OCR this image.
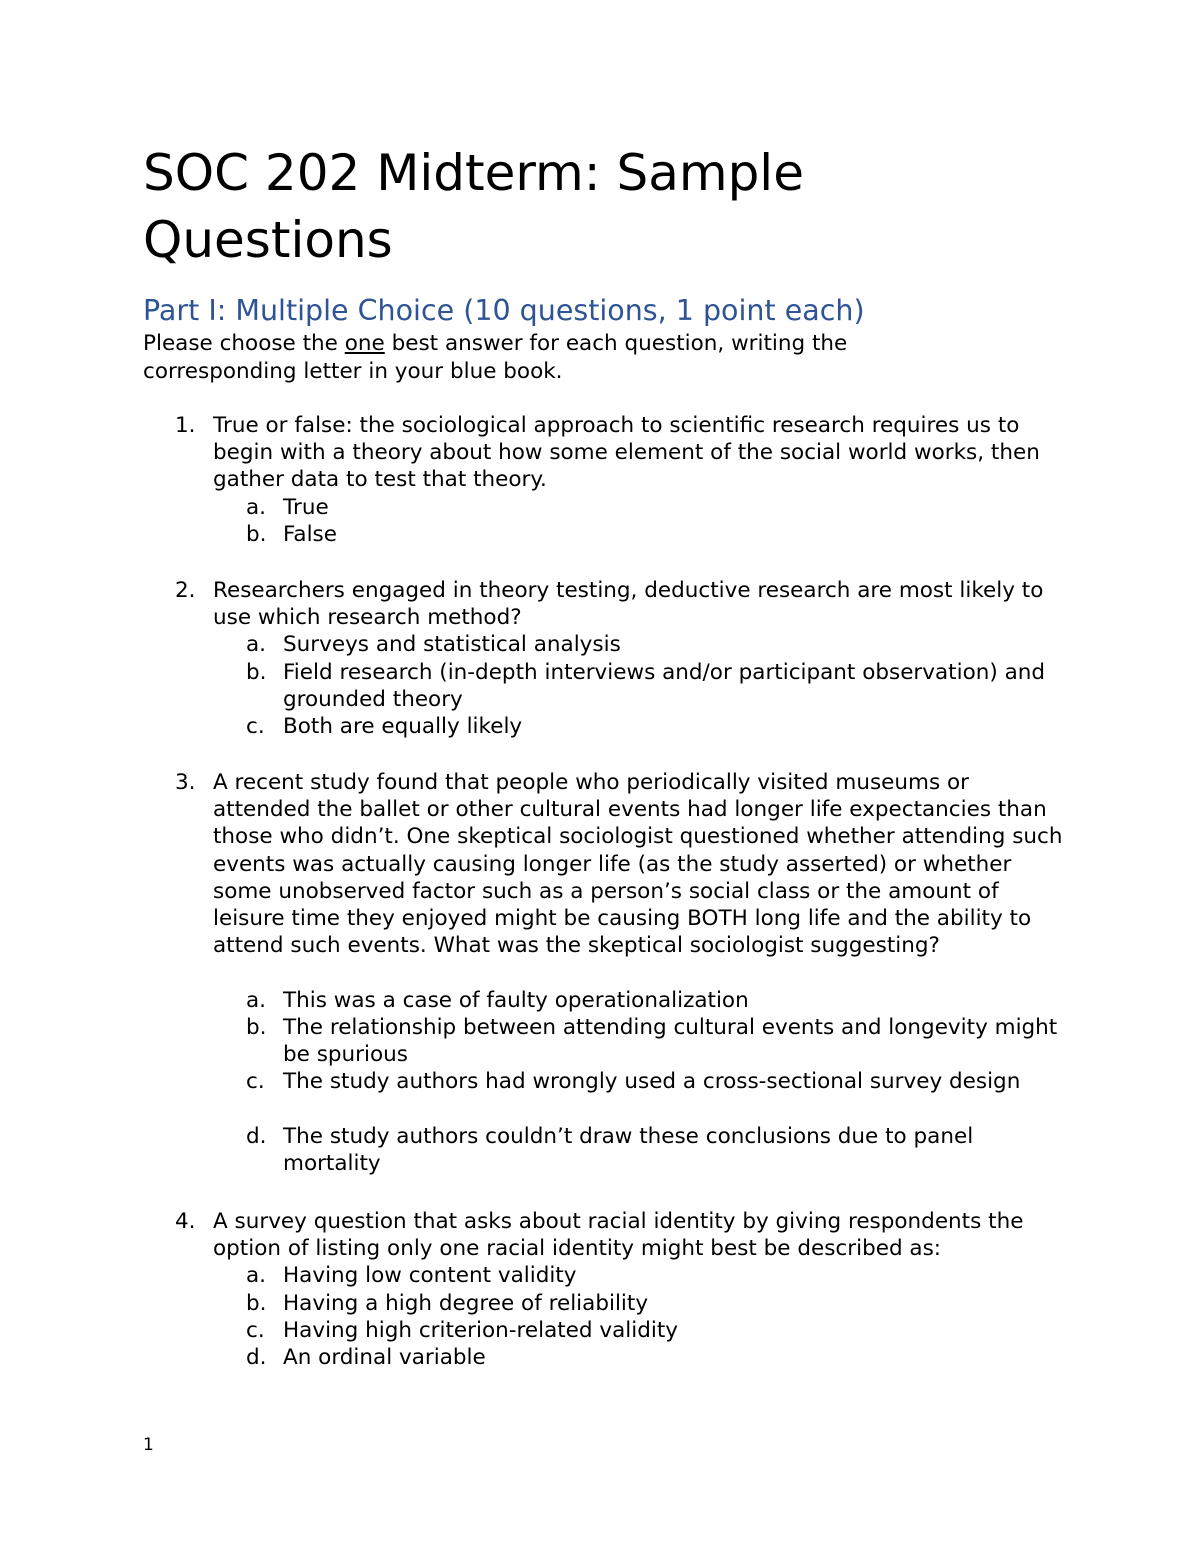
SOC 202 Midterm: Sample Questions
Part I: Multiple Choice (10 questions, 1 point each)

Please choose the one best answer for each question, writing the corresponding letter in your blue book.

1. True or false: the sociological approach to scientific research requires us to begin with a theory about how some element of the social world works, then gather data to test that theory.

a. True

b. False

2. Researchers engaged in theory testing, deductive research are most likely to use which research method?

a. Surveys and statistical analysis

b. Field research (in-depth interviews and/or participant observation) and grounded theory

c. Both are equally likely

3. A recent study found that people who periodically visited museums or attended the ballet or other cultural events had longer life expectancies than those who didn’t. One skeptical sociologist questioned whether attending such events was actually causing longer life (as the study asserted) or whether some unobserved factor such as a person’s social class or the amount of leisure time they enjoyed might be causing BOTH long life and the ability to attend such events. What was the skeptical sociologist suggesting?

a. This was a case of faulty operationalization

b. The relationship between attending cultural events and longevity might be spurious

c. The study authors had wrongly used a cross-sectional survey design

d. The study authors couldn’t draw these conclusions due to panel mortality

4. A survey question that asks about racial identity by giving respondents the option of listing only one racial identity might best be described as:

a. Having low content validity

b. Having a high degree of reliability

c. Having high criterion-related validity

d. An ordinal variable

1
